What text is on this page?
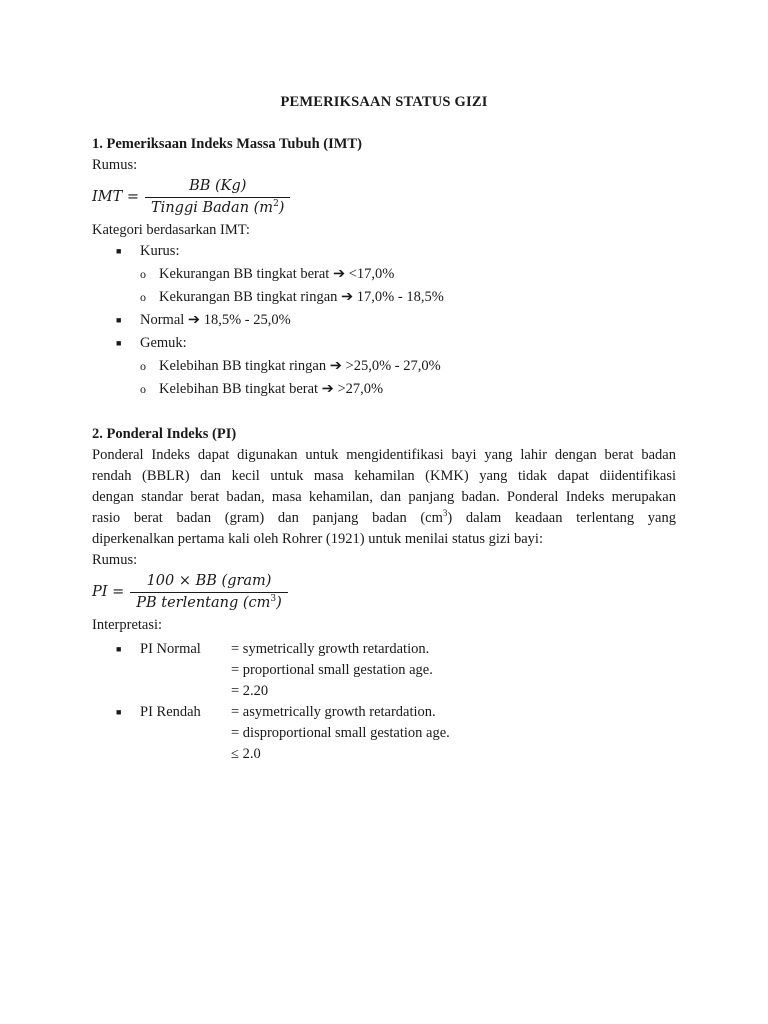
PEMERIKSAAN STATUS GIZI

1. Pemeriksaan Indeks Massa Tubuh (IMT)

Rumus:

IMT = $\frac{BB (Kg)}{Tinggi Badan (m^2)}$

Kategori berdasarkan IMT:

■ Kurus:
o Kekurangan BB tingkat berat ➔ <17,0%
o Kekurangan BB tingkat ringan ➔ 17,0% - 18,5%
■ Normal ➔ 18,5% - 25,0%
■ Gemuk:
o Kelebihan BB tingkat ringan ➔ >25,0% - 27,0%
o Kelebihan BB tingkat berat ➔ >27,0%

2. Ponderal Indeks (PI)

Ponderal Indeks dapat digunakan untuk mengidentifikasi bayi yang lahir dengan berat badan
rendah (BBLR) dan kecil untuk masa kehamilan (KMK) yang tidak dapat diidentifikasi
dengan standar berat badan, masa kehamilan, dan panjang badan. Ponderal Indeks merupakan
rasio berat badan (gram) dan panjang badan $(cm^3)$ dalam keadaan terlentang yang
diperkenalkan pertama kali oleh Rohrer (1921) untuk menilai status gizi bayi:

Rumus:

PI = $\frac{\text{100 × BB (gram)}}{PB terlentang (cm^3)}$

Interpretasi:

■ PI Normal = symetrically growth retardation.
= proportional small gestation age.
= 2.20
■ PI Rendah = asymetrically growth retardation.
= disproportional small gestation age.
≤ 2.0
